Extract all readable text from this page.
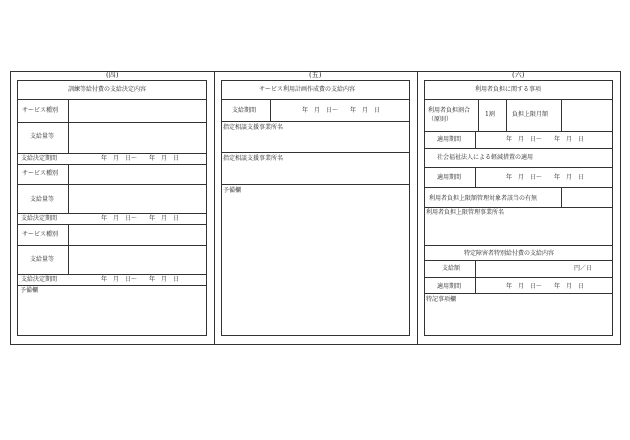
(四)
訓練等給付費の支給決定内容
サービス種別
支給量等
支給決定期間	年　月　日〜　　年　月　日
サービス種別
支給量等
支給決定期間	年　月　日〜　　年　月　日
サービス種別
支給量等
支給決定期間	年　月　日〜　　年　月　日
予備欄
(五)
サービス利用計画作成費の支給内容
支給期間	年　月　日〜　　年　月　日
指定相談支援事業所名
指定相談支援事業所名
予備欄
(六)
利用者負担に関する事項
利用者負担割合（原則）
1割	負担上限月額
適用期間	年　月　日〜　　年　月　日
社会福祉法人による軽減措置の適用
適用期間	年　月　日〜　　年　月　日
利用者負担上限額管理対象者該当の有無
利用者負担上限管理事業所名
特定障害者特別給付費の支給内容
支給額	円／日
適用期間	年　月　日〜　　年　月　日
特記事項欄
